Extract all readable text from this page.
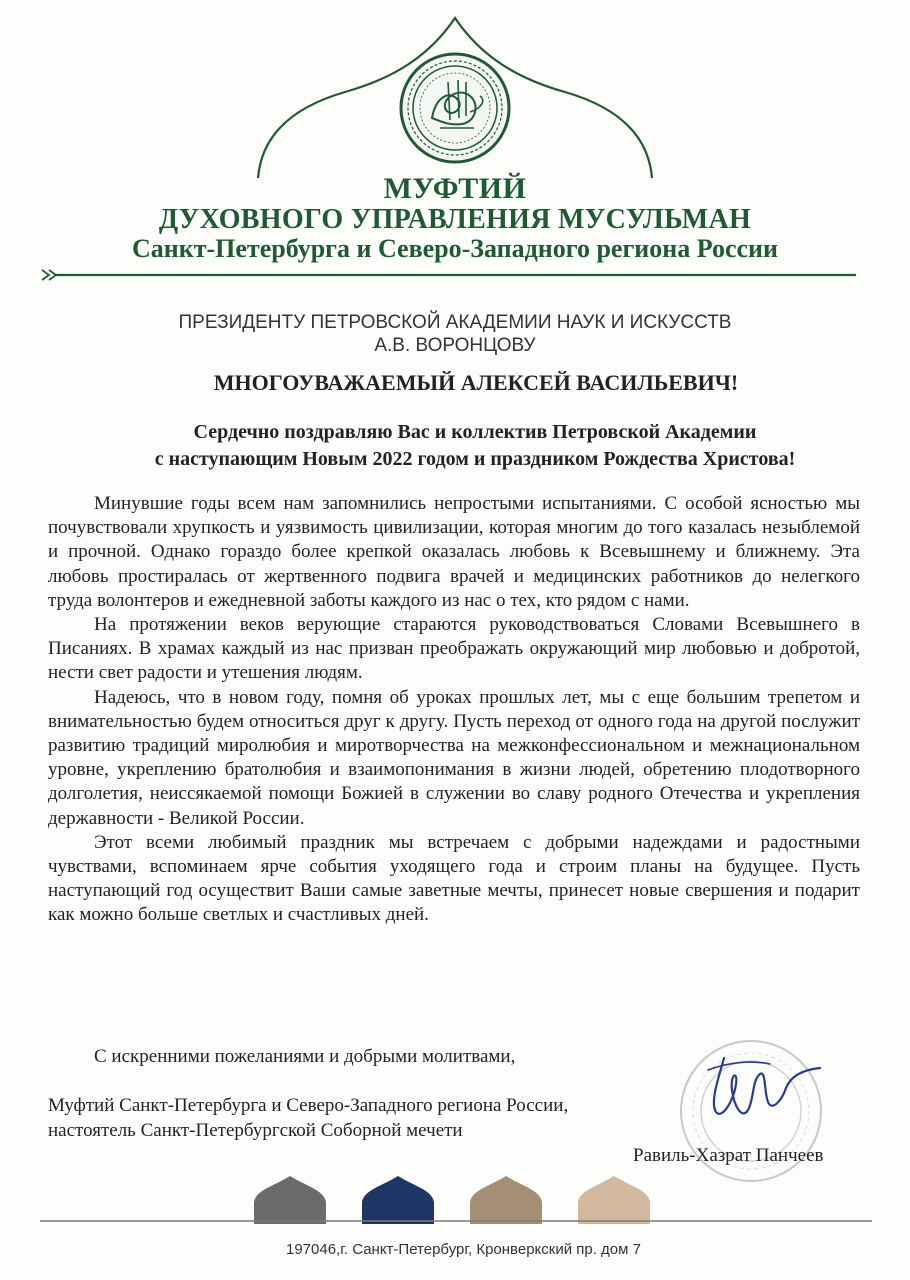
МУФТИЙ
ДУХОВНОГО УПРАВЛЕНИЯ МУСУЛЬМАН
Санкт-Петербурга и Северо-Западного региона России
ПРЕЗИДЕНТУ ПЕТРОВСКОЙ АКАДЕМИИ НАУК И ИСКУССТВ
А.В. ВОРОНЦОВУ
МНОГОУВАЖАЕМЫЙ АЛЕКСЕЙ ВАСИЛЬЕВИЧ!
Сердечно поздравляю Вас и коллектив Петровской Академии
с наступающим Новым 2022 годом и праздником Рождества Христова!

Минувшие годы всем нам запомнились непростыми испытаниями. С особой ясностью мы почувствовали хрупкость и уязвимость цивилизации, которая многим до того казалась незыблемой и прочной. Однако гораздо более крепкой оказалась любовь к Всевышнему и ближнему. Эта любовь простиралась от жертвенного подвига врачей и медицинских работников до нелегкого труда волонтеров и ежедневной заботы каждого из нас о тех, кто рядом с нами.

На протяжении веков верующие стараются руководствоваться Словами Всевышнего в Писаниях. В храмах каждый из нас призван преображать окружающий мир любовью и добротой, нести свет радости и утешения людям.

Надеюсь, что в новом году, помня об уроках прошлых лет, мы с еще большим трепетом и внимательностью будем относиться друг к другу. Пусть переход от одного года на другой послужит развитию традиций миролюбия и миротворчества на межконфессиональном и межнациональном уровне, укреплению братолюбия и взаимопонимания в жизни людей, обретению плодотворного долголетия, неиссякаемой помощи Божией в служении во славу родного Отечества и укрепления державности - Великой России.

Этот всеми любимый праздник мы встречаем с добрыми надеждами и радостными чувствами, вспоминаем ярче события уходящего года и строим планы на будущее. Пусть наступающий год осуществит Ваши самые заветные мечты, принесет новые свершения и подарит как можно больше светлых и счастливых дней.

С искренними пожеланиями и добрыми молитвами,
Муфтий Санкт-Петербурга и Северо-Западного региона России,
настоятель Санкт-Петербургской Соборной мечети
Равиль-Хазрат Панчеев
197046,г. Санкт-Петербург, Кронверкский пр. дом 7
